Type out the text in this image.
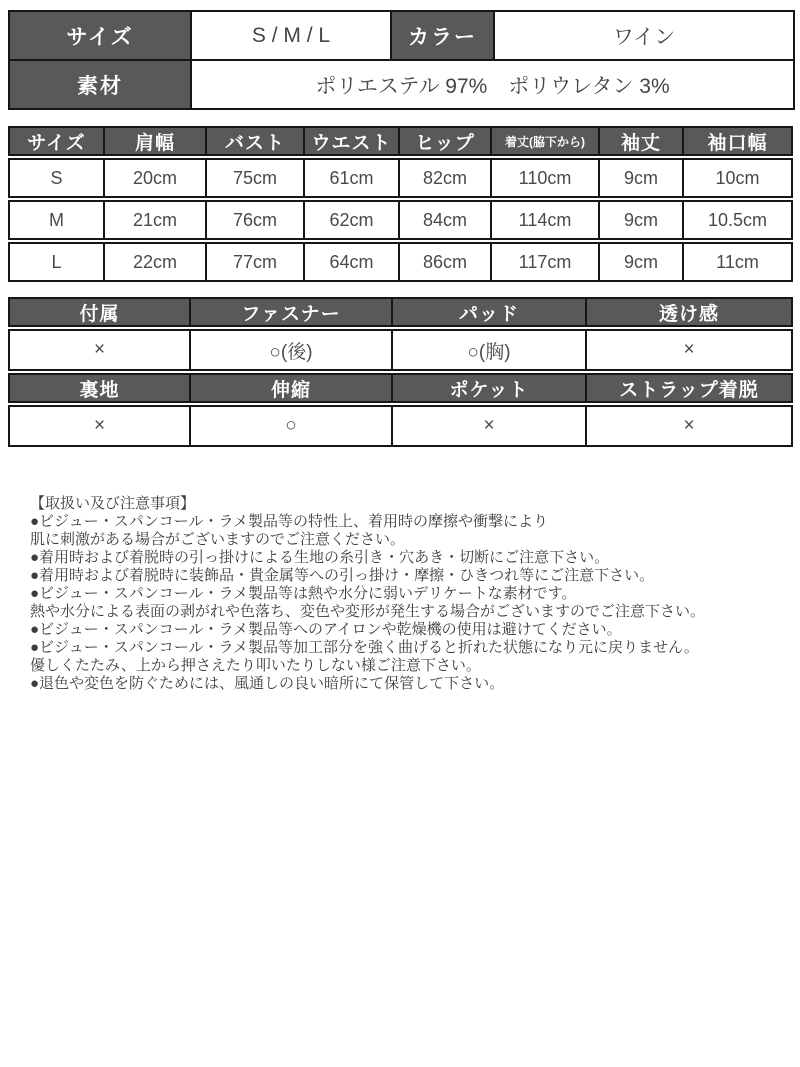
サイズ	S / M / L	カラー	ワイン
素材	ポリエステル 97%　ポリウレタン 3%		
サイズ	肩幅	バスト	ウエスト	ヒップ	着丈(脇下から)	袖丈	袖口幅
S	20cm	75cm	61cm	82cm	110cm	9cm	10cm
M	21cm	76cm	62cm	84cm	114cm	9cm	10.5cm
L	22cm	77cm	64cm	86cm	117cm	9cm	11cm
付属	ファスナー	パッド	透け感
×	○(後)	○(胸)	×
裏地	伸縮	ポケット	ストラップ着脱
×	○	×	×
【取扱い及び注意事項】
●ビジュー・スパンコール・ラメ製品等の特性上、着用時の摩擦や衝撃により
肌に刺激がある場合がございますのでご注意ください。
●着用時および着脱時の引っ掛けによる生地の糸引き・穴あき・切断にご注意下さい。
●着用時および着脱時に装飾品・貴金属等への引っ掛け・摩擦・ひきつれ等にご注意下さい。
●ビジュー・スパンコール・ラメ製品等は熱や水分に弱いデリケートな素材です。
熱や水分による表面の剥がれや色落ち、変色や変形が発生する場合がございますのでご注意下さい。
●ビジュー・スパンコール・ラメ製品等へのアイロンや乾燥機の使用は避けてください。
●ビジュー・スパンコール・ラメ製品等加工部分を強く曲げると折れた状態になり元に戻りません。
優しくたたみ、上から押さえたり叩いたりしない様ご注意下さい。
●退色や変色を防ぐためには、風通しの良い暗所にて保管して下さい。
